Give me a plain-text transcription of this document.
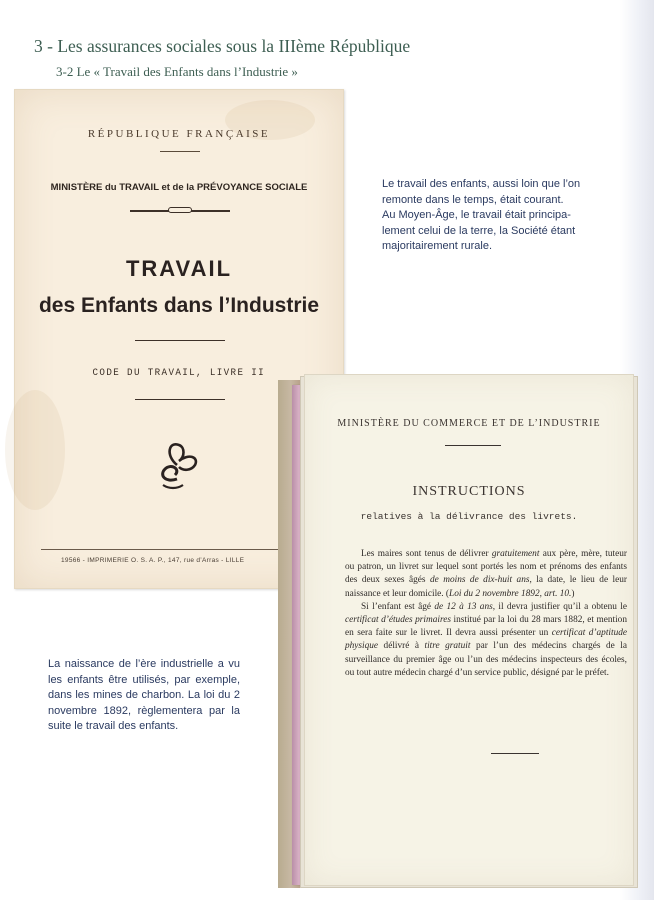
3 - Les assurances sociales sous la IIIème République
3-2 Le « Travail des Enfants dans l’Industrie »
RÉPUBLIQUE FRANÇAISE
MINISTÈRE du TRAVAIL et de la PRÉVOYANCE SOCIALE
TRAVAIL
des Enfants dans l’Industrie
CODE DU TRAVAIL, LIVRE II
19566 - IMPRIMERIE O. S. A. P., 147, rue d’Arras - LILLE
Le travail des enfants, aussi loin que l’on
remonte dans le temps, était courant.
Au Moyen-Âge, le travail était principa-
lement celui de la terre, la Société étant
majoritairement rurale.
La naissance de l’ère industrielle a vu les enfants être utilisés, par exemple, dans les mines de charbon. La loi du 2 novembre 1892, règlementera par la suite le travail des enfants.
MINISTÈRE DU COMMERCE ET DE L’INDUSTRIE
INSTRUCTIONS
relatives à la délivrance des livrets.

Les maires sont tenus de délivrer gratuitement aux père, mère, tuteur ou patron, un livret sur lequel sont portés les nom et prénoms des enfants des deux sexes âgés de moins de dix-huit ans, la date, le lieu de leur naissance et leur domicile. (Loi du 2 novembre 1892, art. 10.)

Si l’enfant est âgé de 12 à 13 ans, il devra justifier qu’il a obtenu le certificat d’études primaires institué par la loi du 28 mars 1882, et mention en sera faite sur le livret. Il devra aussi présenter un certificat d’aptitude physique délivré à titre gratuit par l’un des médecins chargés de la surveillance du premier âge ou l’un des médecins inspecteurs des écoles, ou tout autre médecin chargé d’un service public, désigné par le préfet.
